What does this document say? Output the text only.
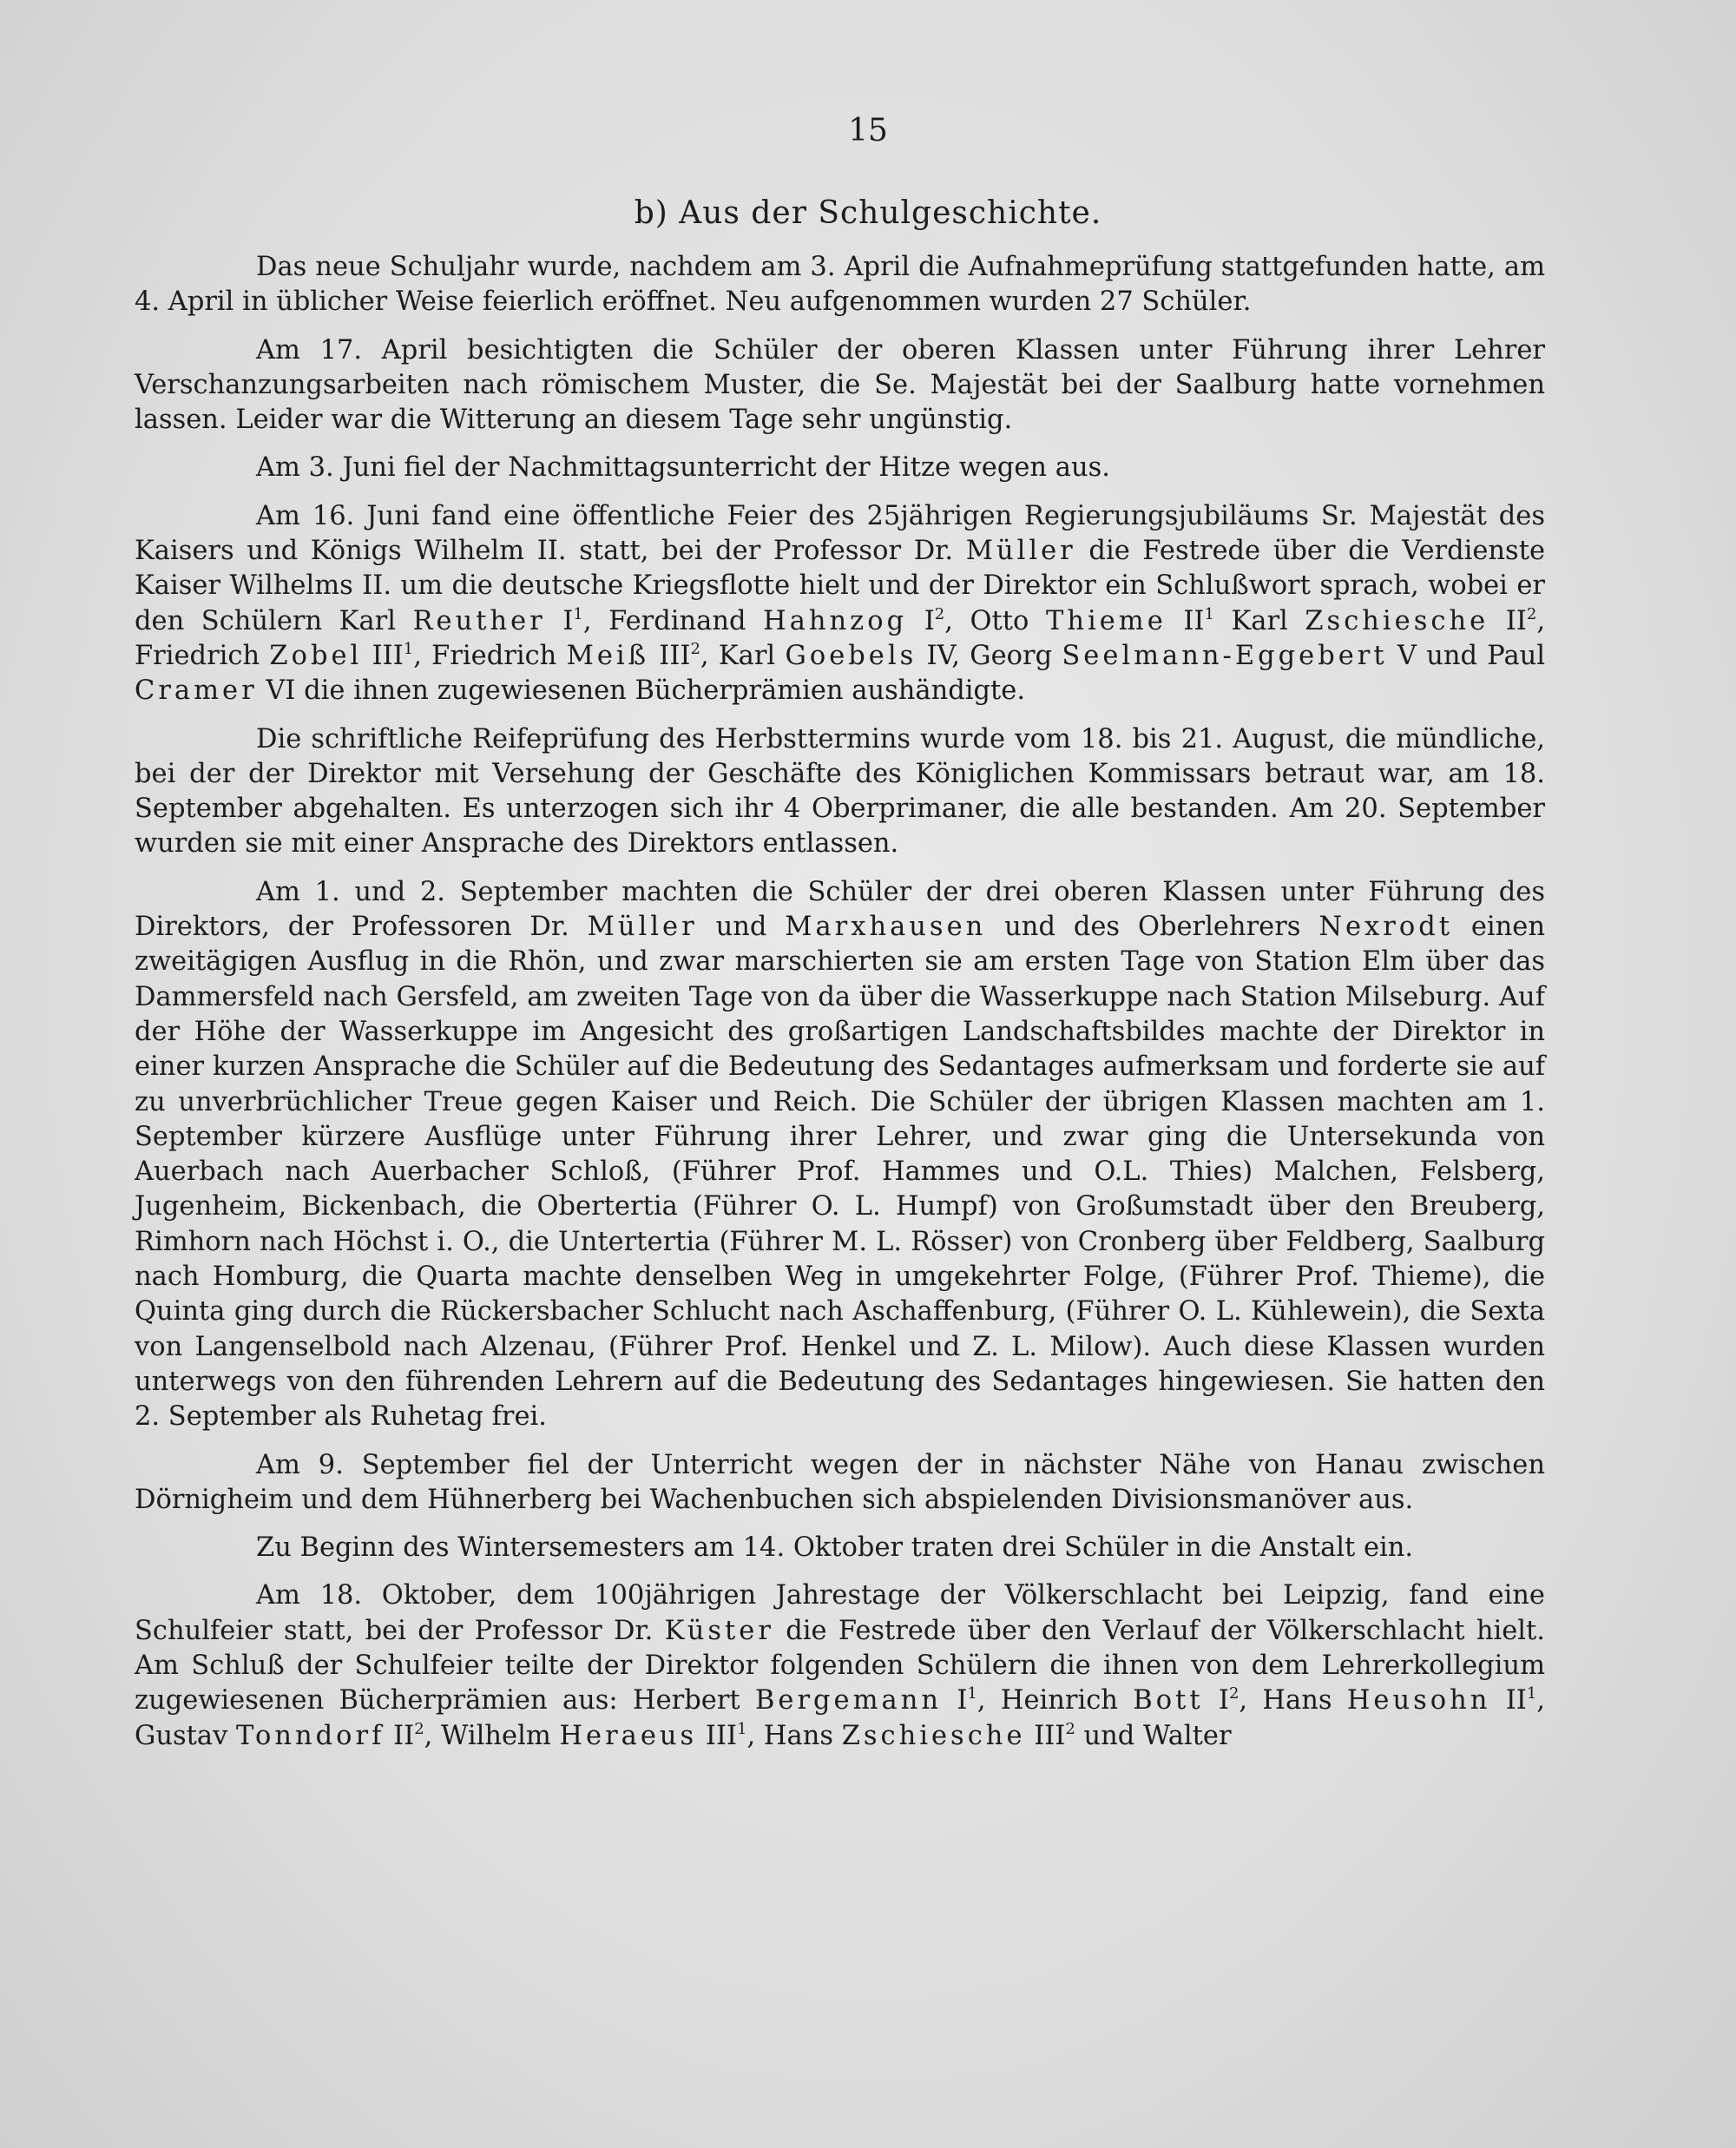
15
b) Aus der Schulgeschichte.

Das neue Schuljahr wurde, nachdem am 3. April die Aufnahmeprüfung stattgefunden hatte, am 4. April in üblicher Weise feierlich eröffnet. Neu aufgenommen wurden 27 Schüler.

Am 17. April besichtigten die Schüler der oberen Klassen unter Führung ihrer Lehrer Verschanzungsarbeiten nach römischem Muster, die Se. Majestät bei der Saalburg hatte vornehmen lassen. Leider war die Witterung an diesem Tage sehr ungünstig.

Am 3. Juni fiel der Nachmittagsunterricht der Hitze wegen aus.

Am 16. Juni fand eine öffentliche Feier des 25jährigen Regierungsjubiläums Sr. Majestät des Kaisers und Königs Wilhelm II. statt, bei der Professor Dr. Müller die Festrede über die Verdienste Kaiser Wilhelms II. um die deutsche Kriegsflotte hielt und der Direktor ein Schlußwort sprach, wobei er den Schülern Karl Reuther $I^1$, Ferdinand Hahnzog $I^2$, Otto Thieme $II^1$ Karl Zschiesche $II^2$, Friedrich Zobel III$^1$, Friedrich Meiß III$^2$, Karl Goebels IV, Georg Seelmann-Eggebert V und Paul Cramer VI die ihnen zugewiesenen Bücherprämien aushändigte.

Die schriftliche Reifeprüfung des Herbsttermins wurde vom 18. bis 21. August, die mündliche, bei der der Direktor mit Versehung der Geschäfte des Königlichen Kommissars betraut war, am 18. September abgehalten. Es unterzogen sich ihr 4 Oberprimaner, die alle bestanden. Am 20. September wurden sie mit einer Ansprache des Direktors entlassen.

Am 1. und 2. September machten die Schüler der drei oberen Klassen unter Führung des Direktors, der Professoren Dr. Müller und Marxhausen und des Oberlehrers Nexrodt einen zweitägigen Ausflug in die Rhön, und zwar marschierten sie am ersten Tage von Station Elm über das Dammersfeld nach Gersfeld, am zweiten Tage von da über die Wasserkuppe nach Station Milseburg. Auf der Höhe der Wasserkuppe im Angesicht des großartigen Landschaftsbildes machte der Direktor in einer kurzen Ansprache die Schüler auf die Bedeutung des Sedantages aufmerksam und forderte sie auf zu unverbrüchlicher Treue gegen Kaiser und Reich. Die Schüler der übrigen Klassen machten am 1. September kürzere Ausflüge unter Führung ihrer Lehrer, und zwar ging die Untersekunda von Auerbach nach Auerbacher Schloß, (Führer Prof. Hammes und O.L. Thies) Malchen, Felsberg, Jugenheim, Bickenbach, die Obertertia (Führer O. L. Humpf) von Großumstadt über den Breuberg, Rimhorn nach Höchst i. O., die Untertertia (Führer M. L. Rösser) von Cronberg über Feldberg, Saalburg nach Homburg, die Quarta machte denselben Weg in umgekehrter Folge, (Führer Prof. Thieme), die Quinta ging durch die Rückersbacher Schlucht nach Aschaffenburg, (Führer O. L. Kühlewein), die Sexta von Langenselbold nach Alzenau, (Führer Prof. Henkel und Z. L. Milow). Auch diese Klassen wurden unterwegs von den führenden Lehrern auf die Bedeutung des Sedantages hingewiesen. Sie hatten den 2. September als Ruhetag frei.

Am 9. September fiel der Unterricht wegen der in nächster Nähe von Hanau zwischen Dörnigheim und dem Hühnerberg bei Wachenbuchen sich abspielenden Divisionsmanöver aus.

Zu Beginn des Wintersemesters am 14. Oktober traten drei Schüler in die Anstalt ein.

Am 18. Oktober, dem 100jährigen Jahrestage der Völkerschlacht bei Leipzig, fand eine Schulfeier statt, bei der Professor Dr. Küster die Festrede über den Verlauf der Völkerschlacht hielt. Am Schluß der Schulfeier teilte der Direktor folgenden Schülern die ihnen von dem Lehrerkollegium zugewiesenen Bücherprämien aus: Herbert Bergemann $I^1$, Heinrich Bott $I^2$, Hans Heusohn $II^1$, Gustav Tonndorf $II^2$, Wilhelm Heraeus III$^1$, Hans Zschiesche III$^2$ und Walter
